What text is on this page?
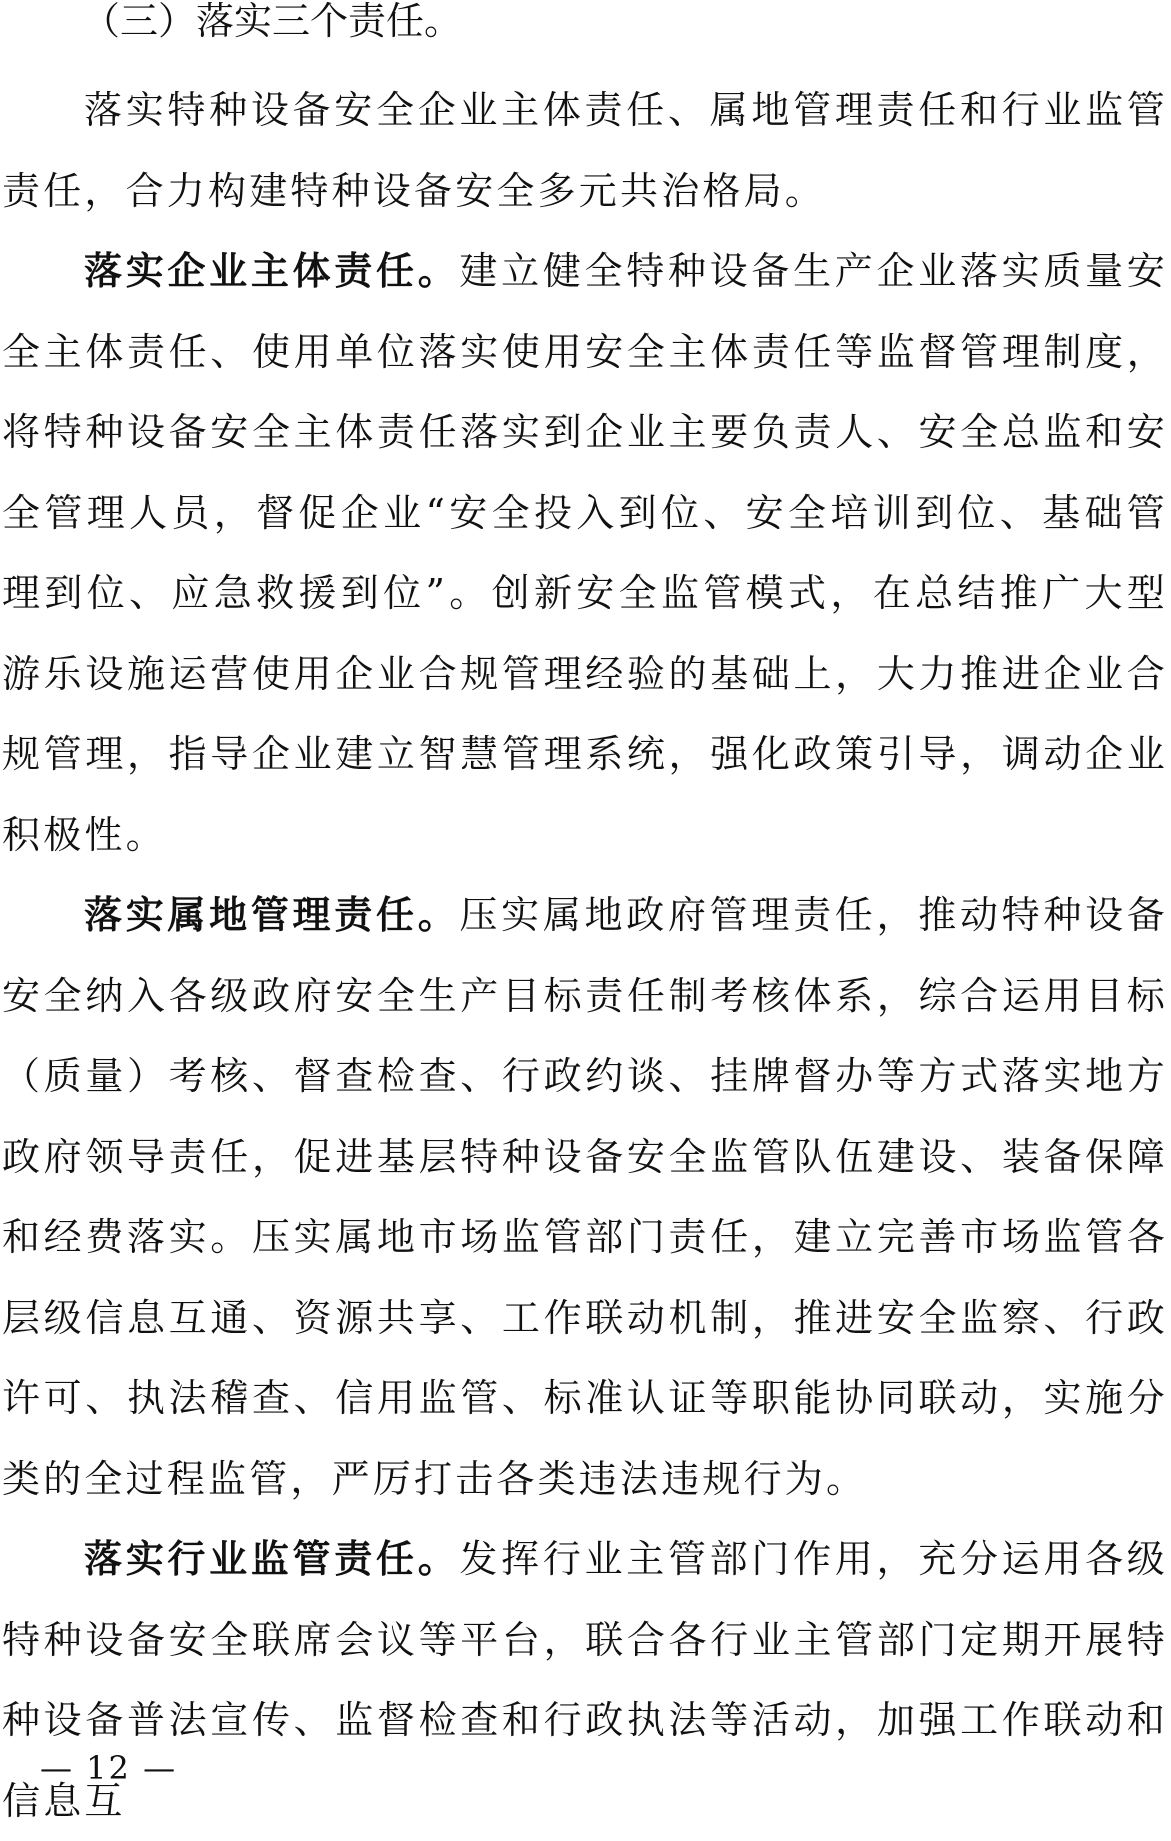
（三）落实三个责任。

落实特种设备安全企业主体责任、属地管理责任和行业监管责任，合力构建特种设备安全多元共治格局。

落实企业主体责任。建立健全特种设备生产企业落实质量安全主体责任、使用单位落实使用安全主体责任等监督管理制度，将特种设备安全主体责任落实到企业主要负责人、安全总监和安全管理人员，督促企业“安全投入到位、安全培训到位、基础管理到位、应急救援到位”。创新安全监管模式，在总结推广大型游乐设施运营使用企业合规管理经验的基础上，大力推进企业合规管理，指导企业建立智慧管理系统，强化政策引导，调动企业积极性。

落实属地管理责任。压实属地政府管理责任，推动特种设备安全纳入各级政府安全生产目标责任制考核体系，综合运用目标（质量）考核、督查检查、行政约谈、挂牌督办等方式落实地方政府领导责任，促进基层特种设备安全监管队伍建设、装备保障和经费落实。压实属地市场监管部门责任，建立完善市场监管各层级信息互通、资源共享、工作联动机制，推进安全监察、行政许可、执法稽查、信用监管、标准认证等职能协同联动，实施分类的全过程监管，严厉打击各类违法违规行为。

落实行业监管责任。发挥行业主管部门作用，充分运用各级特种设备安全联席会议等平台，联合各行业主管部门定期开展特种设备普法宣传、监督检查和行政执法等活动，加强工作联动和信息互

— 12 —
